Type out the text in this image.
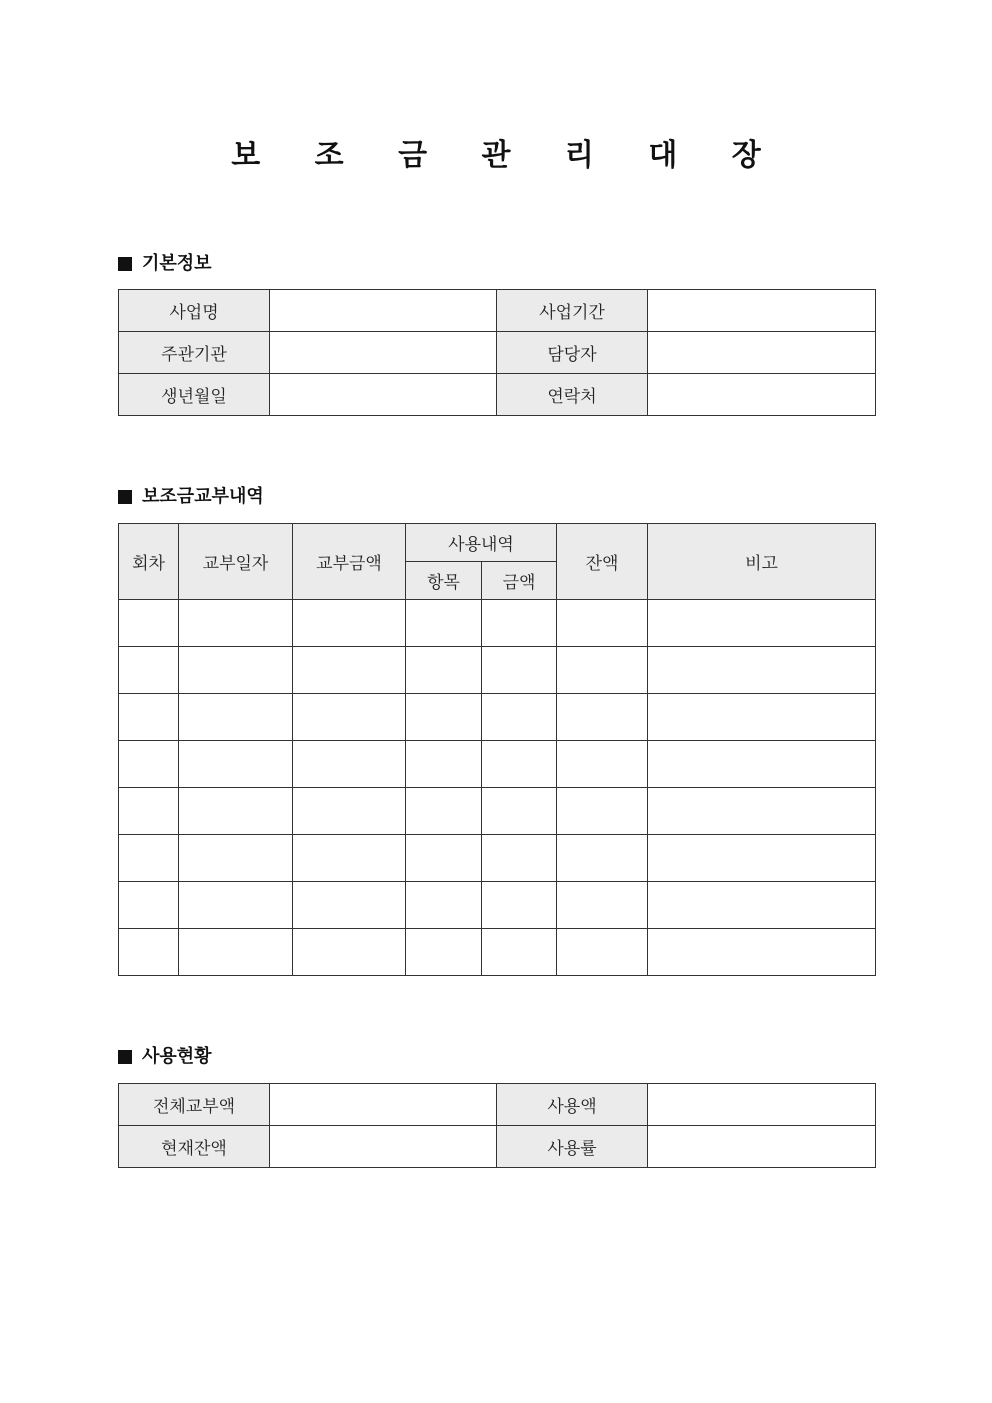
보 조 금 관 리 대 장
기본정보
사업명		사업기간	
주관기관		담당자	
생년월일		연락처	
보조금교부내역
회차	교부일자	교부금액	사용내역		잔액	비고
			항목	금액		

사용현황
전체교부액		사용액	
현재잔액		사용률	
